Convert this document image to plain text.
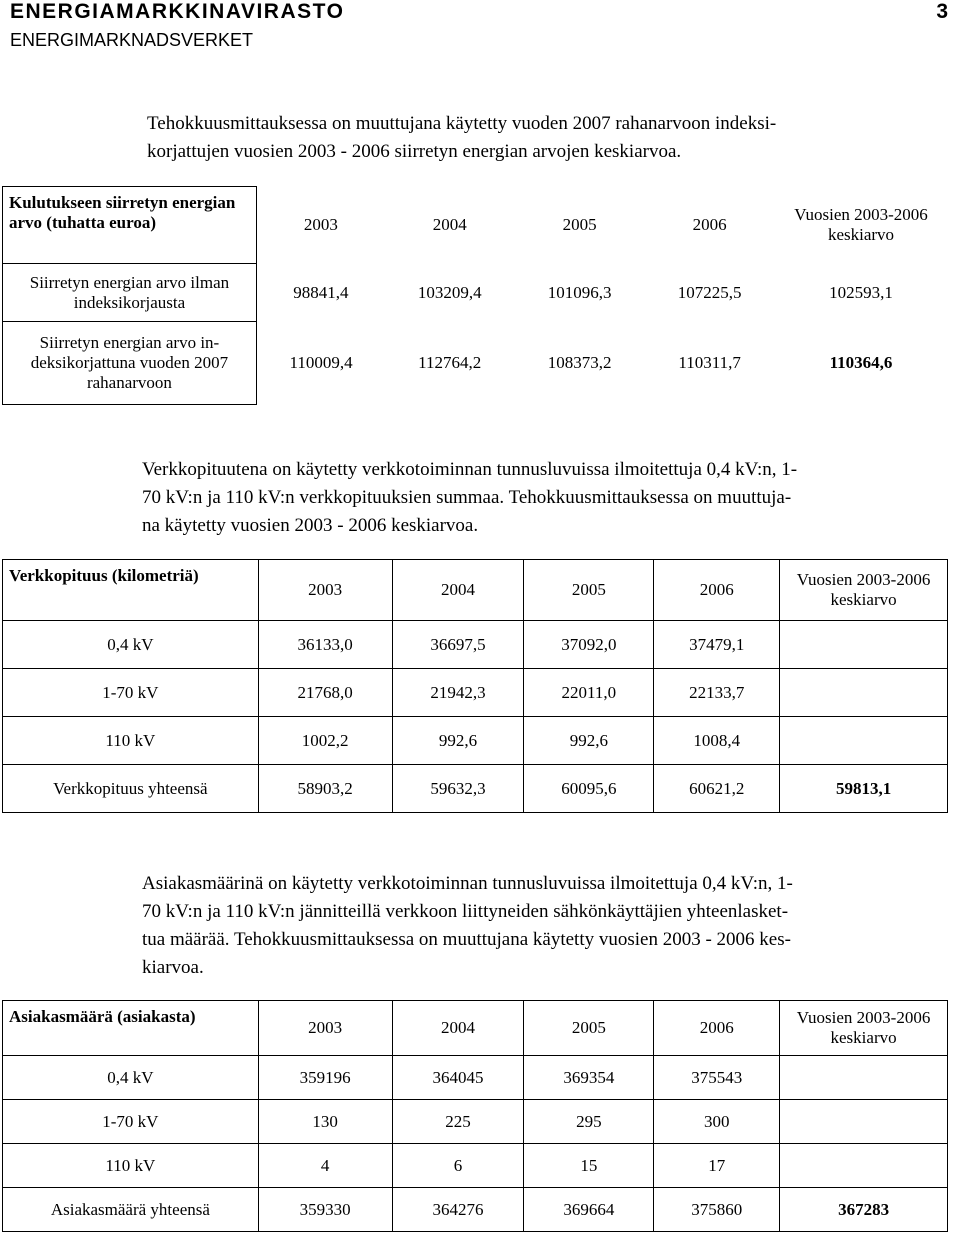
ENERGIAMARKKINAVIRASTO	3
ENERGIMARKNADSVERKET
Tehokkuusmittauksessa on muuttujana käytetty vuoden 2007 rahanarvoon indeksi-
korjattujen vuosien 2003 - 2006 siirretyn energian arvojen keskiarvoa.
Kulutukseen siirretyn energian arvo (tuhatta euroa)	2003	2004	2005	2006	Vuosien 2003-2006 keskiarvo
Siirretyn energian arvo ilman indeksikorjausta	98841,4	103209,4	101096,3	107225,5	102593,1
Siirretyn energian arvo in-deksikorjattuna vuoden 2007 rahanarvoon	110009,4	112764,2	108373,2	110311,7	110364,6
Verkkopituutena on käytetty verkkotoiminnan tunnusluvuissa ilmoitettuja 0,4 kV:n, 1-
70 kV:n ja 110 kV:n verkkopituuksien summaa. Tehokkuusmittauksessa on muuttuja-
na käytetty vuosien 2003 - 2006 keskiarvoa.
Verkkopituus (kilometriä)	2003	2004	2005	2006	Vuosien 2003-2006 keskiarvo
0,4 kV	36133,0	36697,5	37092,0	37479,1	
1-70 kV	21768,0	21942,3	22011,0	22133,7	
110 kV	1002,2	992,6	992,6	1008,4	
Verkkopituus yhteensä	58903,2	59632,3	60095,6	60621,2	59813,1
Asiakasmäärinä on käytetty verkkotoiminnan tunnusluvuissa ilmoitettuja 0,4 kV:n, 1-
70 kV:n ja 110 kV:n jännitteillä verkkoon liittyneiden sähkönkäyttäjien yhteenlasket-
tua määrää. Tehokkuusmittauksessa on muuttujana käytetty vuosien 2003 - 2006 kes-
kiarvoa.
Asiakasmäärä (asiakasta)	2003	2004	2005	2006	Vuosien 2003-2006 keskiarvo
0,4 kV	359196	364045	369354	375543	
1-70 kV	130	225	295	300	
110 kV	4	6	15	17	
Asiakasmäärä yhteensä	359330	364276	369664	375860	367283
